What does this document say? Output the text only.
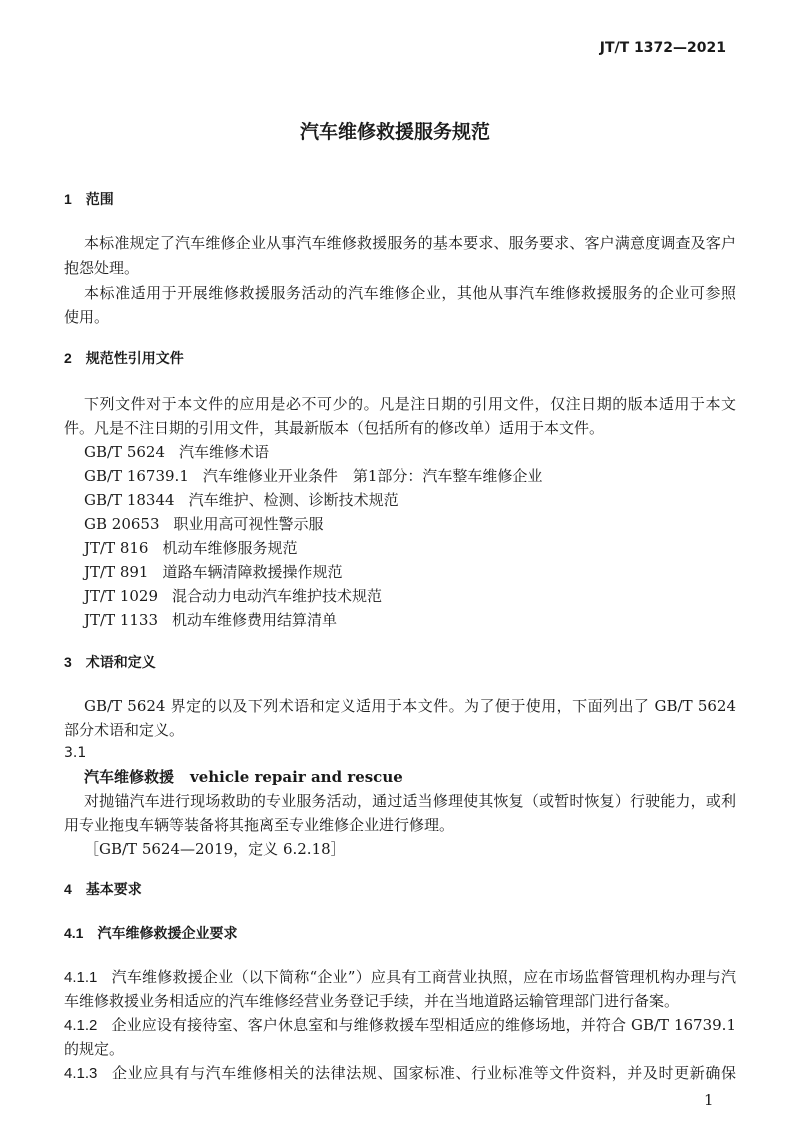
JT/T 1372—2021
汽车维修救援服务规范
1 范围
本标准规定了汽车维修企业从事汽车维修救援服务的基本要求、服务要求、客户满意度调查及客户
抱怨处理。
本标准适用于开展维修救援服务活动的汽车维修企业，其他从事汽车维修救援服务的企业可参照
使用。
2 规范性引用文件
下列文件对于本文件的应用是必不可少的。凡是注日期的引用文件，仅注日期的版本适用于本文
件。凡是不注日期的引用文件，其最新版本（包括所有的修改单）适用于本文件。
GB/T 5624 汽车维修术语
GB/T 16739.1 汽车维修业开业条件　第1部分：汽车整车维修企业
GB/T 18344 汽车维护、检测、诊断技术规范
GB 20653 职业用高可视性警示服
JT/T 816 机动车维修服务规范
JT/T 891 道路车辆清障救援操作规范
JT/T 1029 混合动力电动汽车维护技术规范
JT/T 1133 机动车维修费用结算清单
3 术语和定义
GB/T 5624 界定的以及下列术语和定义适用于本文件。为了便于使用，下面列出了 GB/T 5624
部分术语和定义。
3.1
汽车维修救援 vehicle repair and rescue
对抛锚汽车进行现场救助的专业服务活动，通过适当修理使其恢复（或暂时恢复）行驶能力，或利
用专业拖曳车辆等装备将其拖离至专业维修企业进行修理。
［GB/T 5624—2019，定义 6.2.18］
4 基本要求
4.1 汽车维修救援企业要求
4.1.1 汽车维修救援企业（以下简称“企业”）应具有工商营业执照，应在市场监督管理机构办理与汽
车维修救援业务相适应的汽车维修经营业务登记手续，并在当地道路运输管理部门进行备案。
4.1.2 企业应设有接待室、客户休息室和与维修救援车型相适应的维修场地，并符合 GB/T 16739.1
的规定。
4.1.3 企业应具有与汽车维修相关的法律法规、国家标准、行业标准等文件资料，并及时更新确保
1
